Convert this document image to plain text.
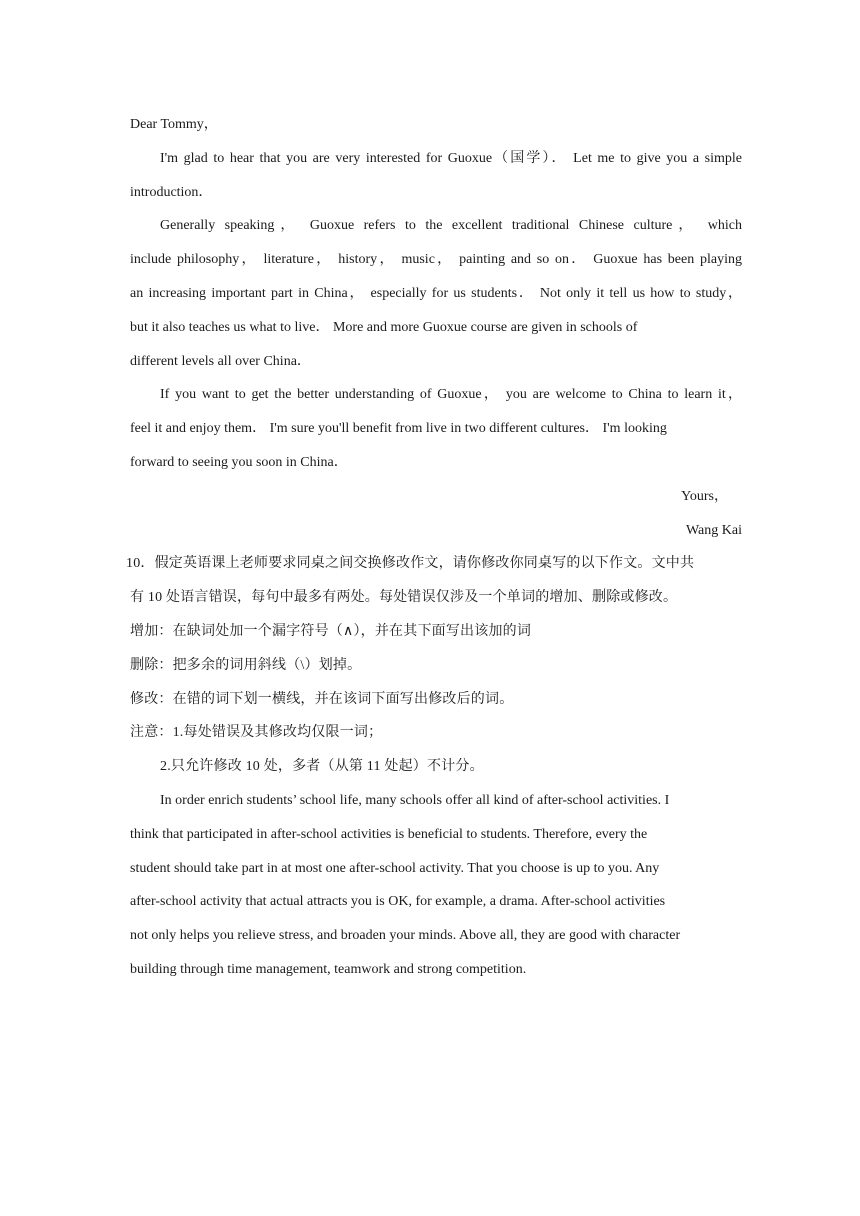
Dear Tommy，
I'm glad to hear that you are very interested for Guoxue（国学）． Let me to give you a simple
introduction．
Generally speaking， Guoxue refers to the excellent traditional Chinese culture， which
include philosophy， literature， history， music， painting and so on． Guoxue has been playing
an increasing important part in China， especially for us students． Not only it tell us how to study，
but it also teaches us what to live． More and more Guoxue course are given in schools of
different levels all over China．
If you want to get the better understanding of Guoxue， you are welcome to China to learn it，
feel it and enjoy them． I'm sure you'll benefit from live in two different cultures． I'm looking
forward to seeing you soon in China．
Yours，
Wang Kai
10．假定英语课上老师要求同桌之间交换修改作文，请你修改你同桌写的以下作文。文中共
有 10 处语言错误，每句中最多有两处。每处错误仅涉及一个单词的增加、删除或修改。
增加：在缺词处加一个漏字符号（∧），并在其下面写出该加的词
删除：把多余的词用斜线（\）划掉。
修改：在错的词下划一横线，并在该词下面写出修改后的词。
注意：1.每处错误及其修改均仅限一词；
2.只允许修改 10 处，多者（从第 11 处起）不计分。
In order enrich students’ school life, many schools offer all kind of after-school activities. I
think that participated in after-school activities is beneficial to students. Therefore, every the
student should take part in at most one after-school activity. That you choose is up to you. Any
after-school activity that actual attracts you is OK, for example, a drama. After-school activities
not only helps you relieve stress, and broaden your minds. Above all, they are good with character
building through time management, teamwork and strong competition.
